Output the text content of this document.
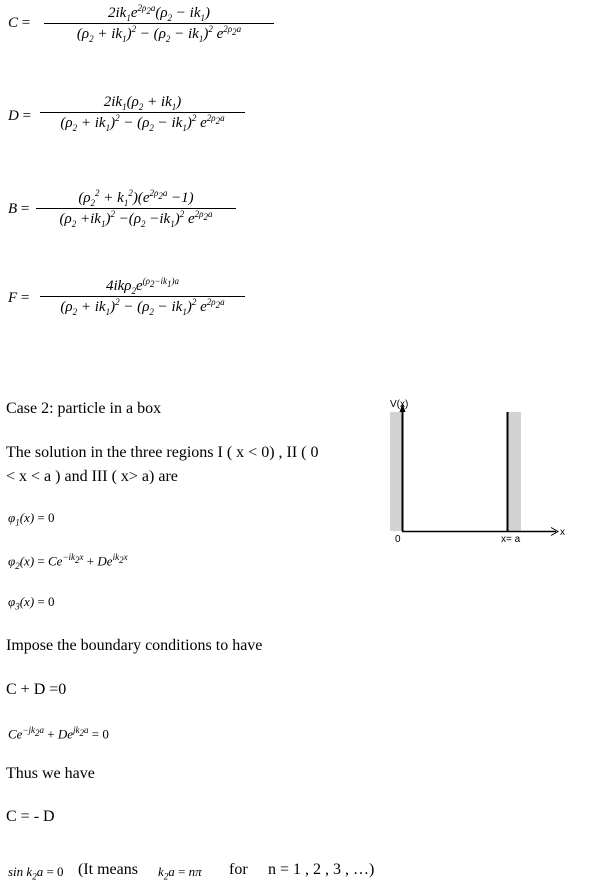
C =
$2ik_1e^{2\rho_2a}(\rho_2 - ik_1)$
$(\rho_2 + ik_1)^2 - (\rho_2 - ik_1)^2$ $e^{2\rho_2a}$
D =
$2ik_1(\rho_2 + ik_1)$
$(\rho_2 + ik_1)^2 - (\rho_2 - ik_1)^2$ $e^{2\rho_2a}$
B =
$(\rho_2^2 + k_1^2)(e^{2\rho_2a} -1)$
$(\rho_2 +ik_1)^2 -(\rho_2 -ik_1)^2$ $e^{2\rho_2a}$
F =
$4ik\rho_2e^{(\rho_2-ik_1)a}$
$(\rho_2 + ik_1)^2 - (\rho_2 - ik_1)^2$ $e^{2\rho_2a}$
Case 2: particle in a box
The solution in the three regions I ( x < 0) , II ( 0
< x < a ) and III ( x> a) are
$\varphi_1(x) = 0$
$\varphi_2(x) = Ce^{-ik_2x} + De^{ik_2x}$
$\varphi_3(x) = 0$
Impose the boundary conditions to have
C + D =0
$Ce^{-jk_2a} + De^{jk_2a} = 0$
Thus we have
C = - D
$\sin k_2a = 0$ (It means $k_2a = n\pi$ for n = 1 , 2 , 3 , …)
V(x)
x
0	x= a
